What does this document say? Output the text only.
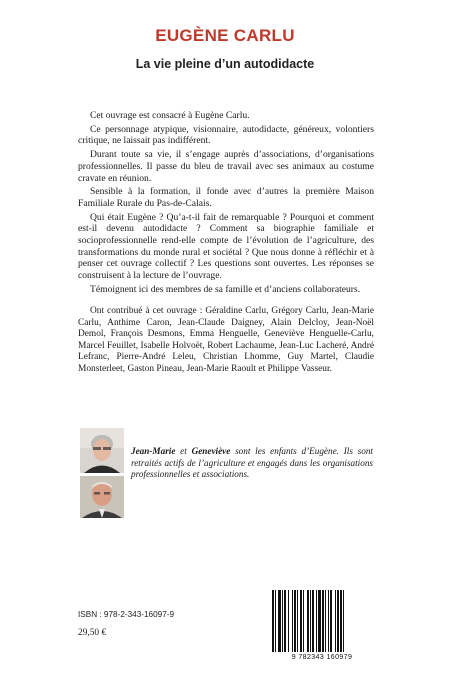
EUGÈNE CARLU
La vie pleine d’un autodidacte

Cet ouvrage est consacré à Eugène Carlu.

Ce personnage atypique, visionnaire, autodidacte, généreux, volontiers critique, ne laissait pas indifférent.

Durant toute sa vie, il s’engage auprès d’associations, d’organisations professionnelles. Il passe du bleu de travail avec ses animaux au costume cravate en réunion.

Sensible à la formation, il fonde avec d’autres la première Maison Familiale Rurale du Pas-de-Calais.

Qui était Eugène ? Qu’a-t-il fait de remarquable ? Pourquoi et comment est-il devenu autodidacte ? Comment sa biographie familiale et socioprofessionnelle rend-elle compte de l’évolution de l’agriculture, des transformations du monde rural et sociétal ? Que nous donne à réfléchir et à penser cet ouvrage collectif ? Les questions sont ouvertes. Les réponses se construisent à la lecture de l’ouvrage.

Témoignent ici des membres de sa famille et d’anciens collaborateurs.

Ont contribué à cet ouvrage : Géraldine Carlu, Grégory Carlu, Jean-Marie Carlu, Anthime Caron, Jean-Claude Daigney, Alain Delcloy, Jean-Noël Demol, François Desmons, Emma Henguelle, Geneviève Henguelle-Carlu, Marcel Feuillet, Isabelle Holvoët, Robert Lachaume, Jean-Luc Lacheré, André Lefranc, Pierre-André Leleu, Christian Lhomme, Guy Martel, Claudie Monsterleet, Gaston Pineau, Jean-Marie Raoult et Philippe Vasseur.

Jean-Marie et Geneviève sont les enfants d’Eugène. Ils sont retraités actifs de l’agriculture et engagés dans les organisations professionnelles et associations.

ISBN : 978-2-343-16097-9
29,50 €
9 782343 160979
